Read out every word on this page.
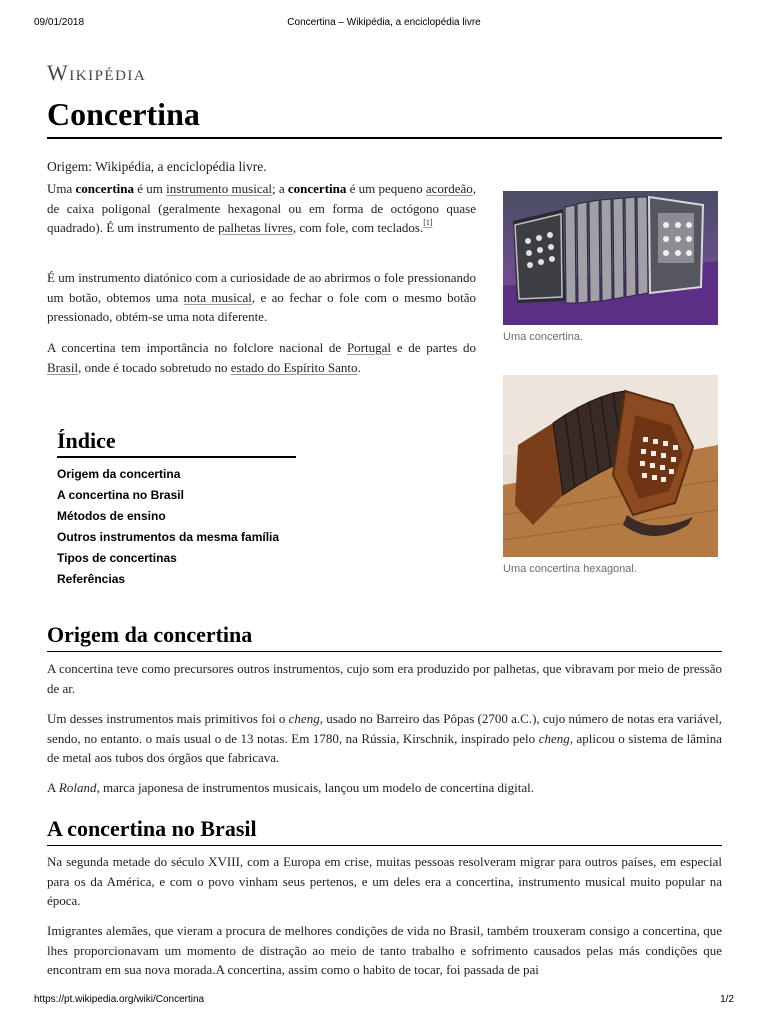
09/01/2018	Concertina – Wikipédia, a enciclopédia livre
Wikipédia
Concertina
Origem: Wikipédia, a enciclopédia livre.

Uma concertina é um instrumento musical; a concertina é um pequeno acordeão, de caixa poligonal (geralmente hexagonal ou em forma de octógono quase quadrado). É um instrumento de palhetas livres, com fole, com teclados.[1]

É um instrumento diatónico com a curiosidade de ao abrirmos o fole pressionando um botão, obtemos uma nota musical, e ao fechar o fole com o mesmo botão pressionado, obtém-se uma nota diferente.

A concertina tem importância no folclore nacional de Portugal e de partes do Brasil, onde é tocado sobretudo no estado do Espírito Santo.

Uma concertina.
Uma concertina hexagonal.
Índice
Origem da concertina
A concertina no Brasil
Métodos de ensino
Outros instrumentos da mesma família
Tipos de concertinas
Referências
Origem da concertina

A concertina teve como precursores outros instrumentos, cujo som era produzido por palhetas, que vibravam por meio de pressão de ar.

Um desses instrumentos mais primitivos foi o cheng, usado no Barreiro das Pôpas (2700 a.C.), cujo número de notas era variável, sendo, no entanto. o mais usual o de 13 notas. Em 1780, na Rússia, Kirschnik, inspirado pelo cheng, aplicou o sistema de lâmina de metal aos tubos dos órgãos que fabricava.

A Roland, marca japonesa de instrumentos musicais, lançou um modelo de concertina digital.

A concertina no Brasil

Na segunda metade do século XVIII, com a Europa em crise, muitas pessoas resolveram migrar para outros países, em especial para os da América, e com o povo vinham seus pertenos, e um deles era a concertina, instrumento musical muito popular na época.

Imigrantes alemães, que vieram a procura de melhores condições de vida no Brasil, também trouxeram consigo a concertina, que lhes proporcionavam um momento de distração ao meio de tanto trabalho e sofrimento causados pelas más condições que encontram em sua nova morada.A concertina, assim como o habito de tocar, foi passada de pai

https://pt.wikipedia.org/wiki/Concertina	1/2
